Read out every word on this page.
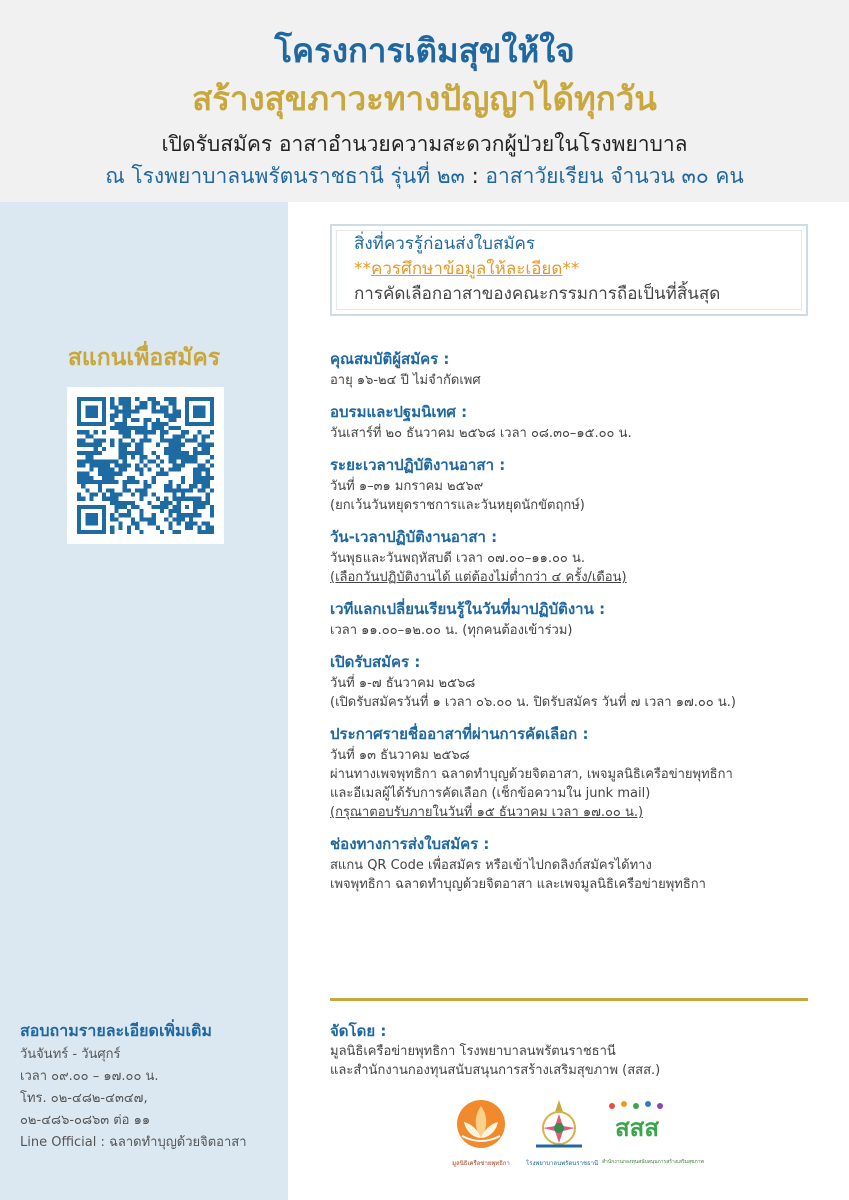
โครงการเติมสุขให้ใจ
สร้างสุขภาวะทางปัญญาได้ทุกวัน
เปิดรับสมัคร อาสาอำนวยความสะดวกผู้ป่วยในโรงพยาบาล
ณ โรงพยาบาลนพรัตนราชธานี รุ่นที่ ๒๓ : อาสาวัยเรียน จำนวน ๓๐ คน
สแกนเพื่อสมัคร
สอบถามรายละเอียดเพิ่มเติม
วันจันทร์ - วันศุกร์
เวลา ๐๙.๐๐ – ๑๗.๐๐ น.
โทร. ๐๒-๔๘๒-๔๓๔๗,
๐๒-๔๘๖-๐๘๖๓ ต่อ ๑๑
Line Official : ฉลาดทำบุญด้วยจิตอาสา
สิ่งที่ควรรู้ก่อนส่งใบสมัคร
**ควรศึกษาข้อมูลให้ละเอียด**
การคัดเลือกอาสาของคณะกรรมการถือเป็นที่สิ้นสุด
คุณสมบัติผู้สมัคร :
อายุ ๑๖-๒๔ ปี ไม่จำกัดเพศ
อบรมและปฐมนิเทศ :
วันเสาร์ที่ ๒๐ ธันวาคม ๒๕๖๘ เวลา ๐๘.๓๐–๑๕.๐๐ น.
ระยะเวลาปฏิบัติงานอาสา :
วันที่ ๑–๓๑ มกราคม ๒๕๖๙
(ยกเว้นวันหยุดราชการและวันหยุดนักขัตฤกษ์)
วัน-เวลาปฏิบัติงานอาสา :
วันพุธและวันพฤหัสบดี เวลา ๐๗.๐๐–๑๑.๐๐ น.
(เลือกวันปฏิบัติงานได้ แต่ต้องไม่ต่ำกว่า ๔ ครั้ง/เดือน)
เวทีแลกเปลี่ยนเรียนรู้ในวันที่มาปฏิบัติงาน :
เวลา ๑๑.๐๐–๑๒.๐๐ น. (ทุกคนต้องเข้าร่วม)
เปิดรับสมัคร :
วันที่ ๑-๗ ธันวาคม ๒๕๖๘
(เปิดรับสมัครวันที่ ๑ เวลา ๐๖.๐๐ น. ปิดรับสมัคร วันที่ ๗ เวลา ๑๗.๐๐ น.)
ประกาศรายชื่ออาสาที่ผ่านการคัดเลือก :
วันที่ ๑๓ ธันวาคม ๒๕๖๘
ผ่านทางเพจพุทธิกา ฉลาดทำบุญด้วยจิตอาสา, เพจมูลนิธิเครือข่ายพุทธิกา
และอีเมลผู้ได้รับการคัดเลือก (เช็กข้อความใน junk mail)
(กรุณาตอบรับภายในวันที่ ๑๕ ธันวาคม เวลา ๑๗.๐๐ น.)
ช่องทางการส่งใบสมัคร :
สแกน QR Code เพื่อสมัคร หรือเข้าไปกดลิงก์สมัครได้ทาง
เพจพุทธิกา ฉลาดทำบุญด้วยจิตอาสา และเพจมูลนิธิเครือข่ายพุทธิกา
จัดโดย :
มูลนิธิเครือข่ายพุทธิกา โรงพยาบาลนพรัตนราชธานี
และสำนักงานกองทุนสนับสนุนการสร้างเสริมสุขภาพ (สสส.)
มูลนิธิเครือข่ายพุทธิกา	โรงพยาบาลนพรัตนราชธานี
สสส
สำนักงานกองทุนสนับสนุนการสร้างเสริมสุขภาพ
